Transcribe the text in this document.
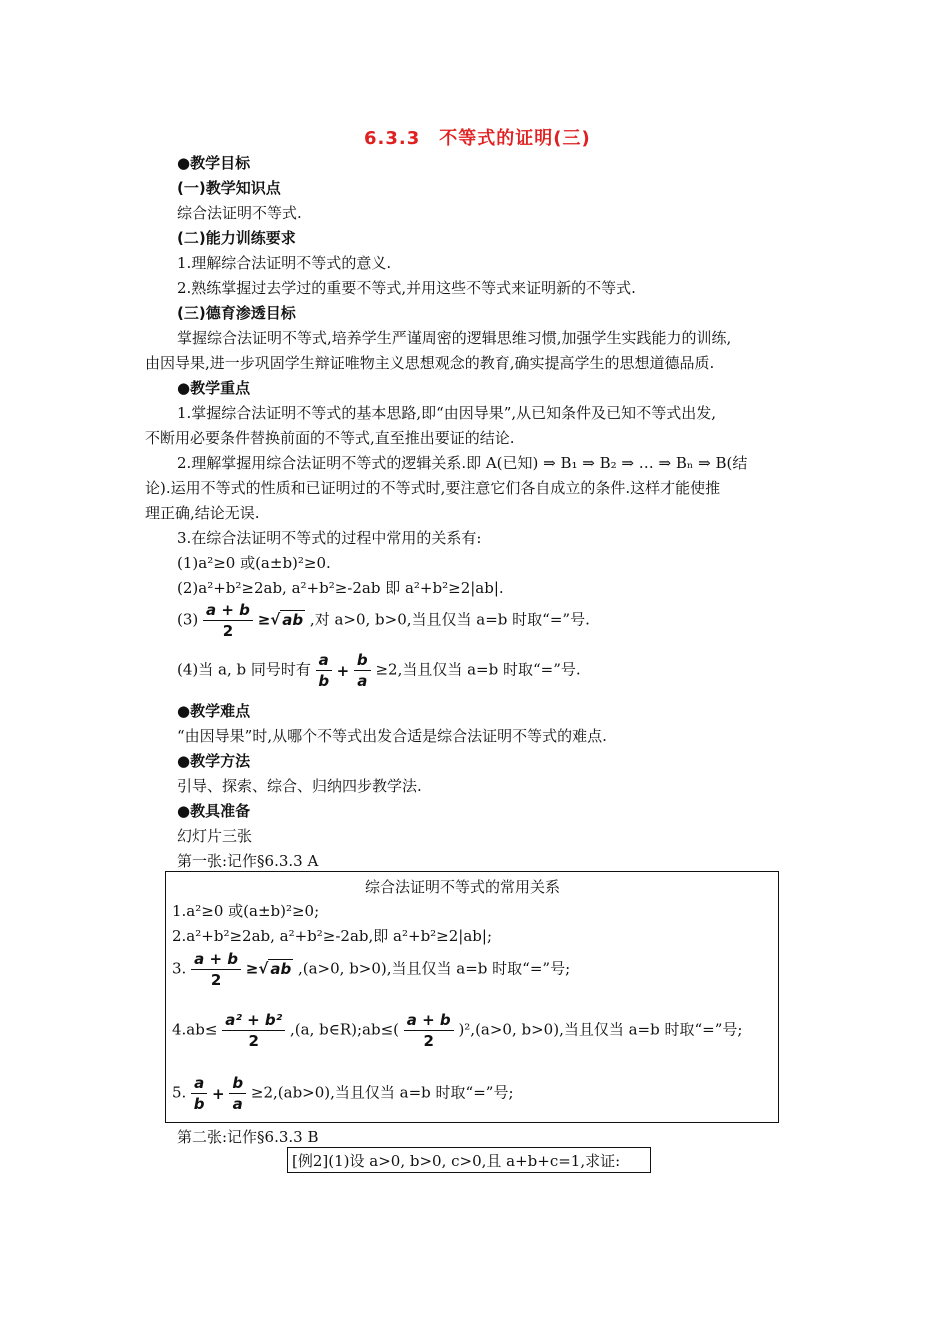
6.3.3　不等式的证明(三)
●教学目标
(一)教学知识点
综合法证明不等式.
(二)能力训练要求
1.理解综合法证明不等式的意义.
2.熟练掌握过去学过的重要不等式,并用这些不等式来证明新的不等式.
(三)德育渗透目标
掌握综合法证明不等式,培养学生严谨周密的逻辑思维习惯,加强学生实践能力的训练,
由因导果,进一步巩固学生辩证唯物主义思想观念的教育,确实提高学生的思想道德品质.
●教学重点
1.掌握综合法证明不等式的基本思路,即“由因导果”,从已知条件及已知不等式出发,
不断用必要条件替换前面的不等式,直至推出要证的结论.
2.理解掌握用综合法证明不等式的逻辑关系.即 A(已知) ⇒ B₁ ⇒ B₂ ⇒ … ⇒ Bₙ ⇒ B(结
论).运用不等式的性质和已证明过的不等式时,要注意它们各自成立的条件.这样才能使推
理正确,结论无误.
3.在综合法证明不等式的过程中常用的关系有:
(1)a²≥0 或(a±b)²≥0.
(2)a²+b²≥2ab, a²+b²≥-2ab 即 a²+b²≥2|ab|.
$(3) \frac{a + b}{2}$ ≥√ ab ,对 a>0, b>0,当且仅当 a=b 时取“=”号.
(4)当 a, b 同号时有 $\frac{a}{b} + \frac{b}{a} \ge 2$,当且仅当 a=b 时取“=”号.
●教学难点
“由因导果”时,从哪个不等式出发合适是综合法证明不等式的难点.
●教学方法
引导、探索、综合、归纳四步教学法.
●教具准备
幻灯片三张
第一张:记作§6.3.3 A
综合法证明不等式的常用关系
1.a²≥0 或(a±b)²≥0;
2.a²+b²≥2ab, a²+b²≥-2ab,即 a²+b²≥2|ab|;
3. $\frac{a + b}{2}$ ≥√ ab ,(a>0, b>0),当且仅当 a=b 时取“=”号;
$4.ab\le \frac{\text{a² + b²}}{2} ,(a$, b∈R);ab≤( $\frac{a + b}{2} )^2,(a>0$, b>0),当且仅当 a=b 时取“=”号;
5. $\frac{a}{b} + \frac{b}{a} \ge 2,(ab>0)$,当且仅当 a=b 时取“=”号;
第二张:记作§6.3.3 B
[例2](1)设 a>0, b>0, c>0,且 a+b+c=1,求证:
